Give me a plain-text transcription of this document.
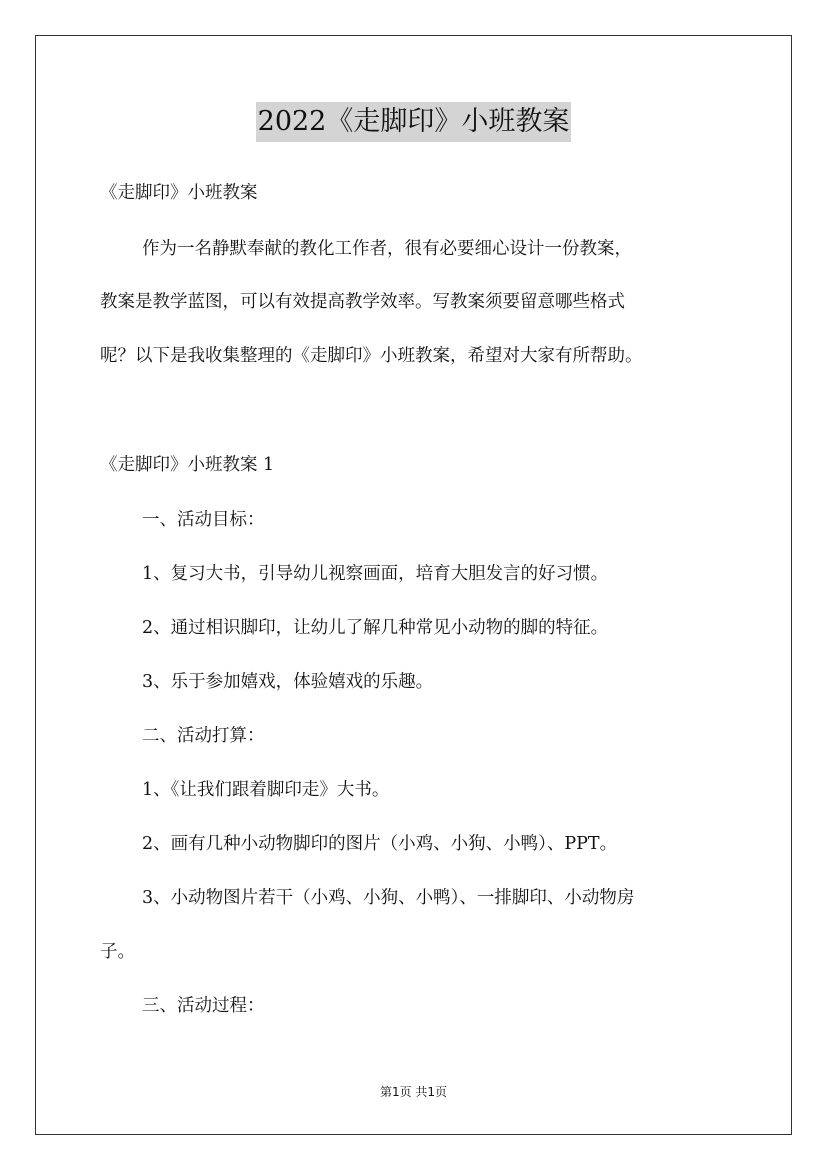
2022《走脚印》小班教案
《走脚印》小班教案
作为一名静默奉献的教化工作者，很有必要细心设计一份教案，
教案是教学蓝图，可以有效提高教学效率。写教案须要留意哪些格式
呢？以下是我收集整理的《走脚印》小班教案，希望对大家有所帮助。
《走脚印》小班教案 1
一、活动目标：
1、复习大书，引导幼儿视察画面，培育大胆发言的好习惯。
2、通过相识脚印，让幼儿了解几种常见小动物的脚的特征。
3、乐于参加嬉戏，体验嬉戏的乐趣。
二、活动打算：
1、《让我们跟着脚印走》大书。
2、画有几种小动物脚印的图片（小鸡、小狗、小鸭）、PPT。
3、小动物图片若干（小鸡、小狗、小鸭）、一排脚印、小动物房
子。
三、活动过程：
第1页 共1页
